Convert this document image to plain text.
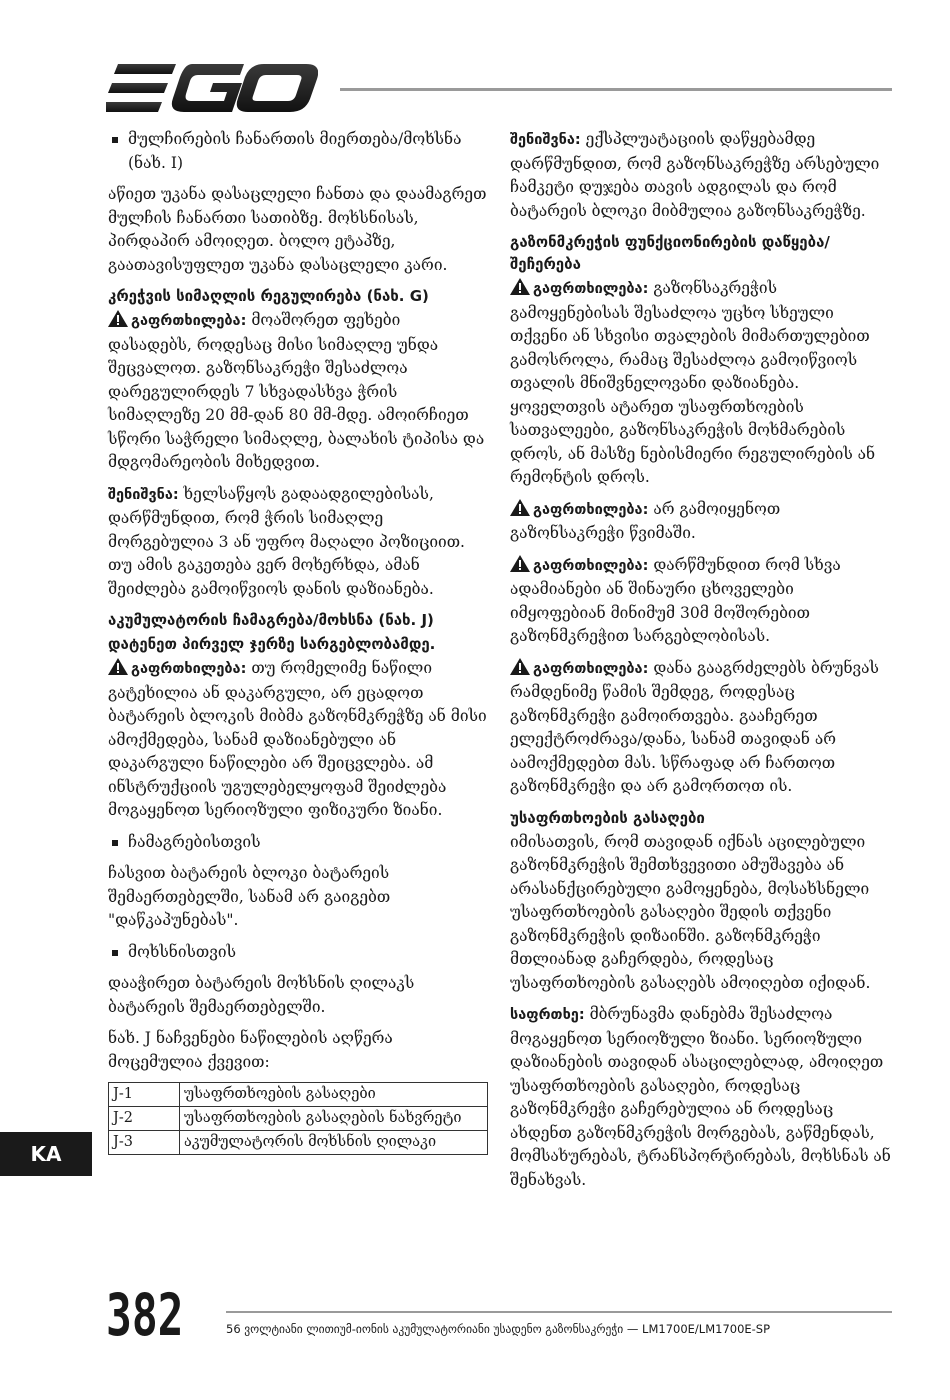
მულჩირების ჩანართის მიერთება/მოხსნა (ნახ. I)

აწიეთ უკანა დასაცლელი ჩანთა და დაამაგრეთ მულჩის ჩანართი სათიბზე. მოხსნისას, პირდაპირ ამოიღეთ. ბოლო ეტაპზე, გაათავისუფლეთ უკანა დასაცლელი კარი.

კრეჭვის სიმაღლის რეგულირება (ნახ. G)

გაფრთხილება: მოაშორეთ ფეხები დასადებს, როდესაც მისი სიმაღლე უნდა შეცვალოთ. გაზონსაკრეჭი შესაძლოა დარეგულირდეს 7 სხვადასხვა ჭრის სიმაღლეზე 20 მმ-დან 80 მმ-მდე. ამოირჩიეთ სწორი საჭრელი სიმაღლე, ბალახის ტიპისა და მდგომარეობის მიხედვით.

შენიშვნა: ხელსაწყოს გადაადგილებისას, დარწმუნდით, რომ ჭრის სიმაღლე მორგებულია 3 ან უფრო მაღალი პოზიციით. თუ ამის გაკეთება ვერ მოხერხდა, ამან შეიძლება გამოიწვიოს დანის დაზიანება.

აკუმულატორის ჩამაგრება/მოხსნა (ნახ. J)
დატენეთ პირველ ჯერზე სარგებლობამდე.

გაფრთხილება: თუ რომელიმე ნაწილი გატეხილია ან დაკარგული, არ ეცადოთ ბატარეის ბლოკის მიბმა გაზონმკრეჭზე ან მისი ამოქმედება, სანამ დაზიანებული ან დაკარგული ნაწილები არ შეიცვლება. ამ ინსტრუქციის უგულებელყოფამ შეიძლება მოგაყენოთ სერიოზული ფიზიკური ზიანი.

ჩამაგრებისთვის

ჩასვით ბატარეის ბლოკი ბატარეის შემაერთებელში, სანამ არ გაიგებთ "დაწკაპუნებას".

მოხსნისთვის

დააჭირეთ ბატარეის მოხსნის ღილაკს ბატარეის შემაერთებელში.

ნახ. J ნაჩვენები ნაწილების აღწერა მოცემულია ქვევით:

J-1	უსაფრთხოების გასაღები
J-2	უსაფრთხოების გასაღების ნახვრეტი
J-3	აკუმულატორის მოხსნის ღილაკი

შენიშვნა: ექსპლუატაციის დაწყებამდე დარწმუნდით, რომ გაზონსაკრეჭზე არსებული ჩამკეტი დუჯება თავის ადგილას და რომ ბატარეის ბლოკი მიბმულია გაზონსაკრეჭზე.

გაზონმკრეჭის ფუნქციონირების დაწყება/შეჩერება

გაფრთხილება: გაზონსაკრეჭის გამოყენებისას შესაძლოა უცხო სხეული თქვენი ან სხვისი თვალების მიმართულებით გამოსროლა, რამაც შესაძლოა გამოიწვიოს თვალის მნიშვნელოვანი დაზიანება. ყოველთვის ატარეთ უსაფრთხოების სათვალეები, გაზონსაკრეჭის მოხმარების დროს, ან მასზე ნებისმიერი რეგულირების ან რემონტის დროს.

გაფრთხილება: არ გამოიყენოთ გაზონსაკრეჭი წვიმაში.

გაფრთხილება: დარწმუნდით რომ სხვა ადამიანები ან შინაური ცხოველები იმყოფებიან მინიმუმ 30მ მოშორებით გაზონმკრეჭით სარგებლობისას.

გაფრთხილება: დანა გააგრძელებს ბრუნვას რამდენიმე წამის შემდეგ, როდესაც გაზონმკრეჭი გამოირთვება. გააჩერეთ ელექტროძრავა/დანა, სანამ თავიდან არ აამოქმედებთ მას. სწრაფად არ ჩართოთ გაზონმკრეჭი და არ გამორთოთ ის.

უსაფრთხოების გასაღები

იმისათვის, რომ თავიდან იქნას აცილებული გაზონმკრეჭის შემთხვევითი ამუშავება ან არასანქცირებული გამოყენება, მოსახსნელი უსაფრთხოების გასაღები შედის თქვენი გაზონმკრეჭის დიზაინში. გაზონმკრეჭი მთლიანად გაჩერდება, როდესაც უსაფრთხოების გასაღებს ამოიღებთ იქიდან.

საფრთხე: მბრუნავმა დანებმა შესაძლოა მოგაყენოთ სერიოზული ზიანი. სერიოზული დაზიანების თავიდან ასაცილებლად, ამოიღეთ უსაფრთხოების გასაღები, როდესაც გაზონმკრეჭი გაჩერებულია ან როდესაც ახდენთ გაზონმკრეჭის მორგებას, გაწმენდას, მომსახურებას, ტრანსპორტირებას, მოხსნას ან შენახვას.

KA
382	56 ვოლტიანი ლითიუმ-იონის აკუმულატორიანი უსადენო გაზონსაკრეჭი — LM1700E/LM1700E-SP
